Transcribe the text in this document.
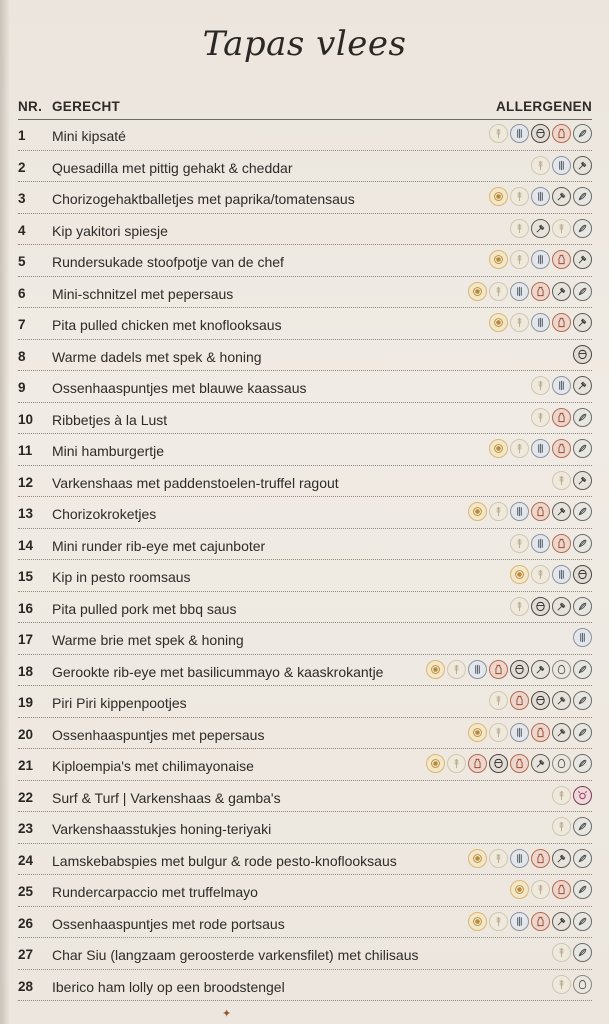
Tapas vlees
NR. GERECHT	ALLERGENEN
1 Mini kipsaté
2 Quesadilla met pittig gehakt & cheddar
3 Chorizogehaktballetjes met paprika/tomatensaus
4 Kip yakitori spiesje
5 Rundersukade stoofpotje van de chef
6 Mini-schnitzel met pepersaus
7 Pita pulled chicken met knoflooksaus
8 Warme dadels met spek & honing
9 Ossenhaaspuntjes met blauwe kaassaus
10 Ribbetjes à la Lust
11 Mini hamburgertje
12 Varkenshaas met paddenstoelen-truffel ragout
13 Chorizokroketjes
14 Mini runder rib-eye met cajunboter
15 Kip in pesto roomsaus
16 Pita pulled pork met bbq saus
17 Warme brie met spek & honing
18 Gerookte rib-eye met basilicummayo & kaaskrokantje
19 Piri Piri kippenpootjes
20 Ossenhaaspuntjes met pepersaus
21 Kiploempia's met chilimayonaise
22 Surf & Turf | Varkenshaas & gamba's
23 Varkenshaasstukjes honing-teriyaki
24 Lamskebabspies met bulgur & rode pesto-knoflooksaus
25 Rundercarpaccio met truffelmayo
26 Ossenhaaspuntjes met rode portsaus
27 Char Siu (langzaam geroosterde varkensfilet) met chilisaus
28 Iberico ham lolly op een broodstengel
✦
